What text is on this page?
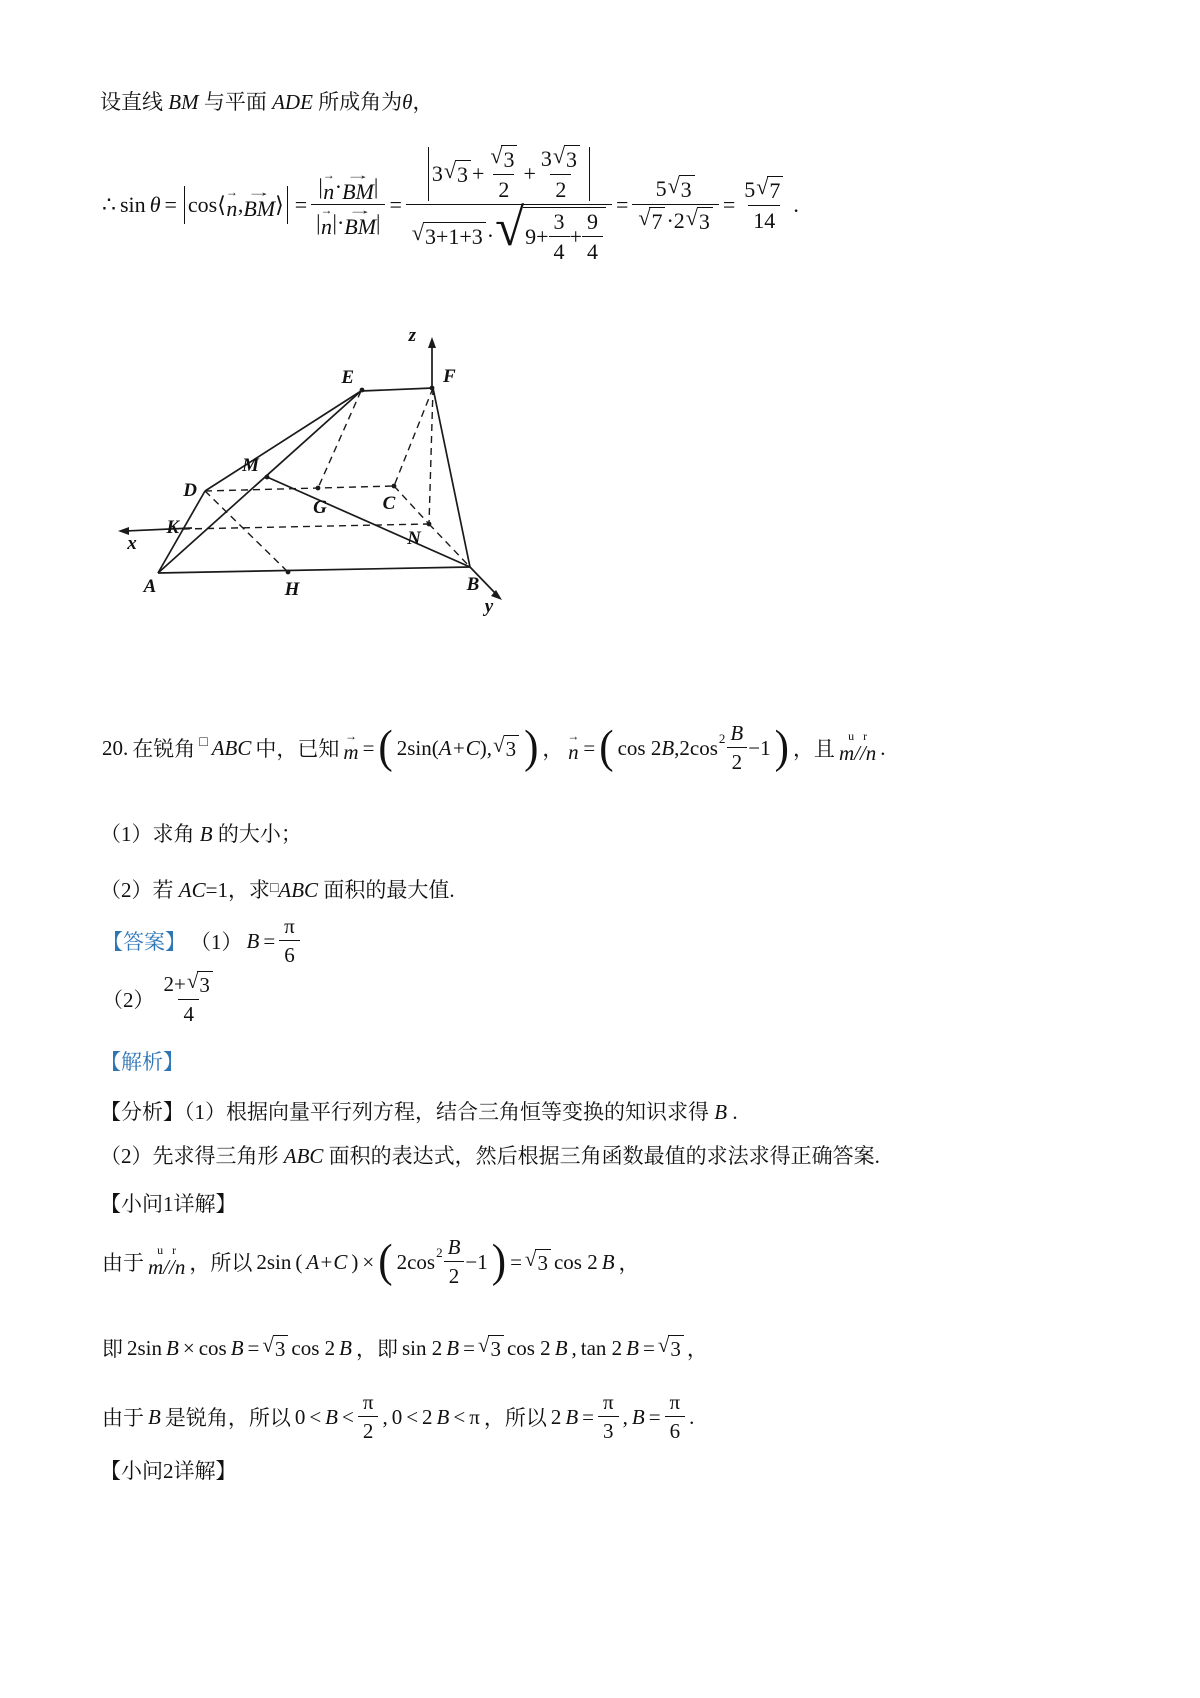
设直线 BM 与平面 ADE 所成角为θ，
∴ sin θ = cos ⟨ →
n , →
BM ⟩ = | →
n · →
BM |
| →
n | · →
BM | =
3 √ $3 + \frac{√ 3}{2} + \frac{3 √ 3}{2}$
√ 3 + 1 + 3 · √ $9 + \frac{3}{4} + \frac{9}{4}$
= $\frac{5 √ 3}{√ 7 \cdot 2 √ 3} = \frac{5 √ 7}{14}$ .
z
E	F
D
M
G	C
K
N
A	H	B
x
y
20. 在锐角 □ ABC 中，已知
→
m = ( 2sin ( A+C ) , √ 3 ) ，
→
n = ( cos 2 B , 2cos $2 \frac{B}{2} - 1$ ) ，且
u   r
m//n .
（1）求角 B 的大小；
（2）若 AC=1，求□ABC 面积的最大值.
【答案】 （1） $B = \frac{\pi}{6}$
$(2) \frac{2 + √ 3}{4}$
【解析】
【分析】（1）根据向量平行列方程，结合三角恒等变换的知识求得 B .
（2）先求得三角形 ABC 面积的表达式，然后根据三角函数最值的求法求得正确答案.
【小问1详解】
由于
u   r
m//n ，所以 2sin ( A+C ) × ( 2cos $2 \frac{B}{2} - 1$ ) = √ 3 cos 2 B ，
即 2sin B × cos B = √ 3 cos 2 B ，即 sin 2 B = √ 3 cos 2 B , tan 2 B = √ 3 ，
由于 B 是锐角，所以 $0 < B < \frac{\pi}{2}$ , 0 < 2 B < π ，所以 2 $B = \frac{\pi}{3}$ , $B = \frac{\pi}{6}$ .
【小问2详解】
